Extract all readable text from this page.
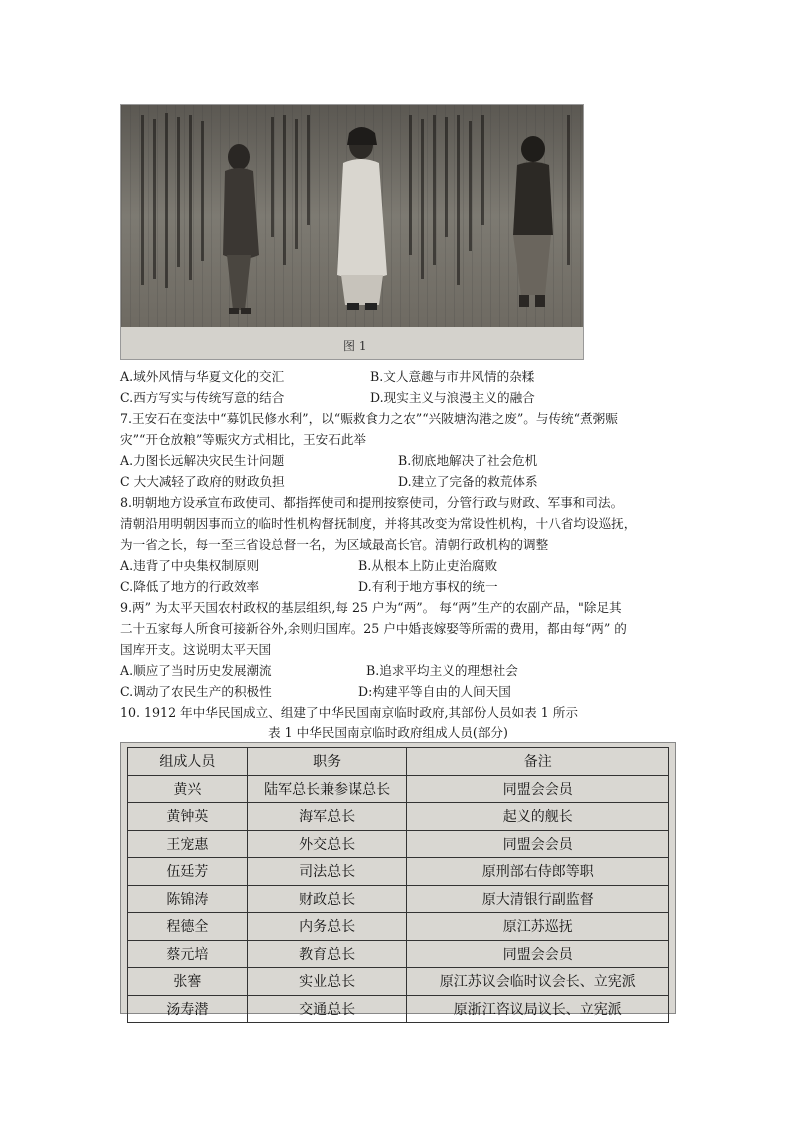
图 1
A.域外风情与华夏文化的交汇	B.文人意趣与市井风情的杂糅
C.西方写实与传统写意的结合	D.现实主义与浪漫主义的融合
7.王安石在变法中“募饥民修水利”，以“赈救食力之农”“兴陂塘沟港之废”。与传统“煮粥赈
灾”“开仓放粮”等赈灾方式相比，王安石此举
A.力图长远解决灾民生计问题	B.彻底地解决了社会危机
C 大大减轻了政府的财政负担	D.建立了完备的救荒体系
8.明朝地方设承宣布政使司、都指挥使司和提刑按察使司，分管行政与财政、军事和司法。
清朝沿用明朝因事而立的临时性机构督抚制度，并将其改变为常设性机构，十八省均设巡抚，
为一省之长，每一至三省设总督一名，为区域最高长官。清朝行政机构的调整
A.违背了中央集权制原则	B.从根本上防止吏治腐败
C.降低了地方的行政效率	D.有利于地方事权的统一
9.两” 为太平天国农村政权的基层组织,每 25 户为“两”。 每“两”生产的农副产品，"除足其
二十五家每人所食可接新谷外,余则归国库。25 户中婚丧嫁娶等所需的费用，都由每“两” 的
国库开支。这说明太平天国
A.顺应了当时历史发展潮流	B.追求平均主义的理想社会
C.调动了农民生产的积极性	D:构建平等自由的人间天国
10. 1912 年中华民国成立、组建了中华民国南京临时政府,其部份人员如表 1 所示
表 1 中华民国南京临时政府组成人员(部分)
组成人员	职务	备注
黄兴	陆军总长兼参谋总长	同盟会会员
黄钟英	海军总长	起义的舰长
王宠惠	外交总长	同盟会会员
伍廷芳	司法总长	原刑部右侍郎等职
陈锦涛	财政总长	原大清银行副监督
程德全	内务总长	原江苏巡抚
蔡元培	教育总长	同盟会会员
张謇	实业总长	原江苏议会临时议会长、立宪派
汤寿潜	交通总长	原浙江咨议局议长、立宪派
